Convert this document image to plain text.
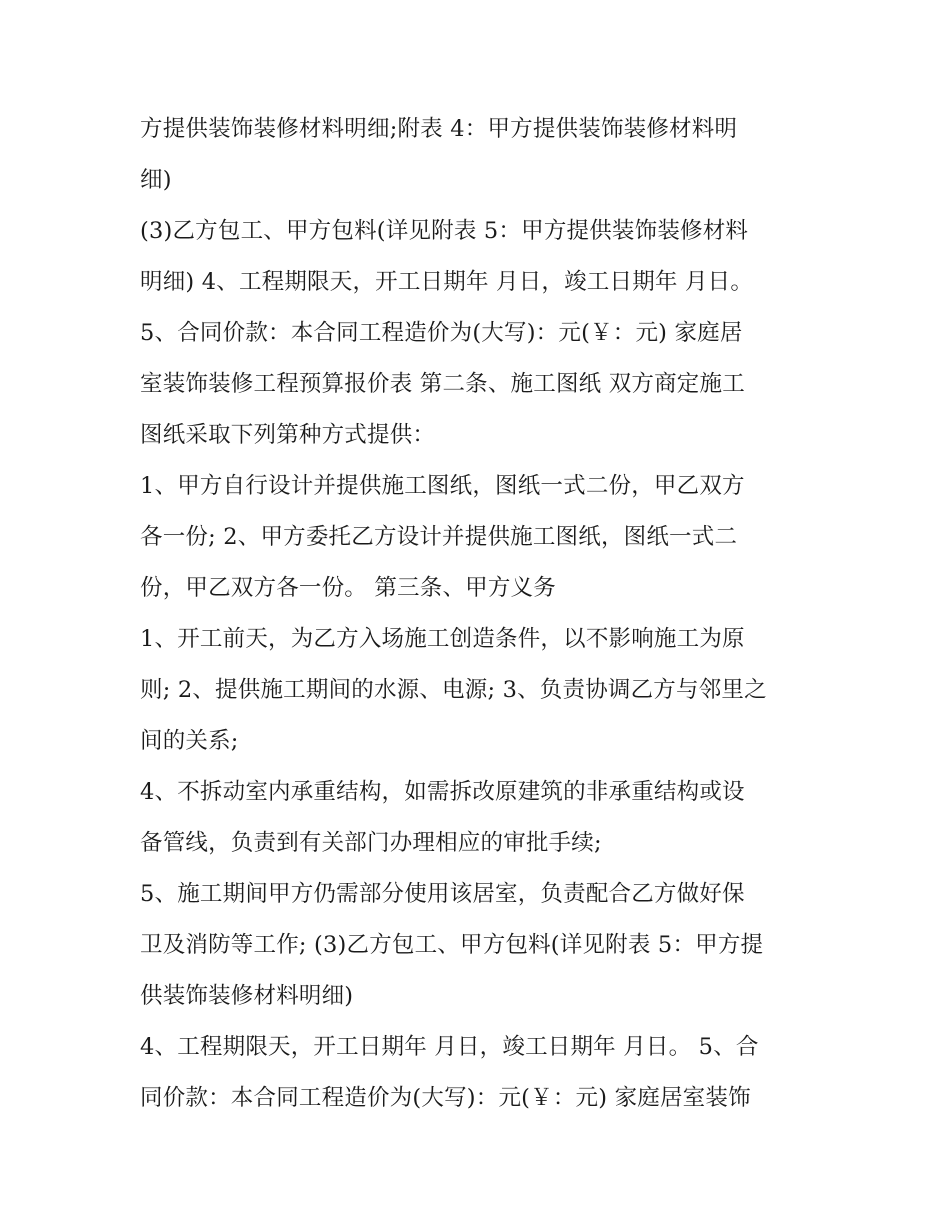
方提供装饰装修材料明细;附表 4：甲方提供装饰装修材料明
细)
(3)乙方包工、甲方包料(详见附表 5：甲方提供装饰装修材料
明细) 4、工程期限天，开工日期年 月日，竣工日期年 月日。
5、合同价款：本合同工程造价为(大写)：元(￥：元) 家庭居
室装饰装修工程预算报价表 第二条、施工图纸 双方商定施工
图纸采取下列第种方式提供：
1、甲方自行设计并提供施工图纸，图纸一式二份，甲乙双方
各一份; 2、甲方委托乙方设计并提供施工图纸，图纸一式二
份，甲乙双方各一份。 第三条、甲方义务
1、开工前天，为乙方入场施工创造条件，以不影响施工为原
则; 2、提供施工期间的水源、电源; 3、负责协调乙方与邻里之
间的关系;
4、不拆动室内承重结构，如需拆改原建筑的非承重结构或设
备管线，负责到有关部门办理相应的审批手续;
5、施工期间甲方仍需部分使用该居室，负责配合乙方做好保
卫及消防等工作; (3)乙方包工、甲方包料(详见附表 5：甲方提
供装饰装修材料明细)
4、工程期限天，开工日期年 月日，竣工日期年 月日。 5、合
同价款：本合同工程造价为(大写)：元(￥：元) 家庭居室装饰
